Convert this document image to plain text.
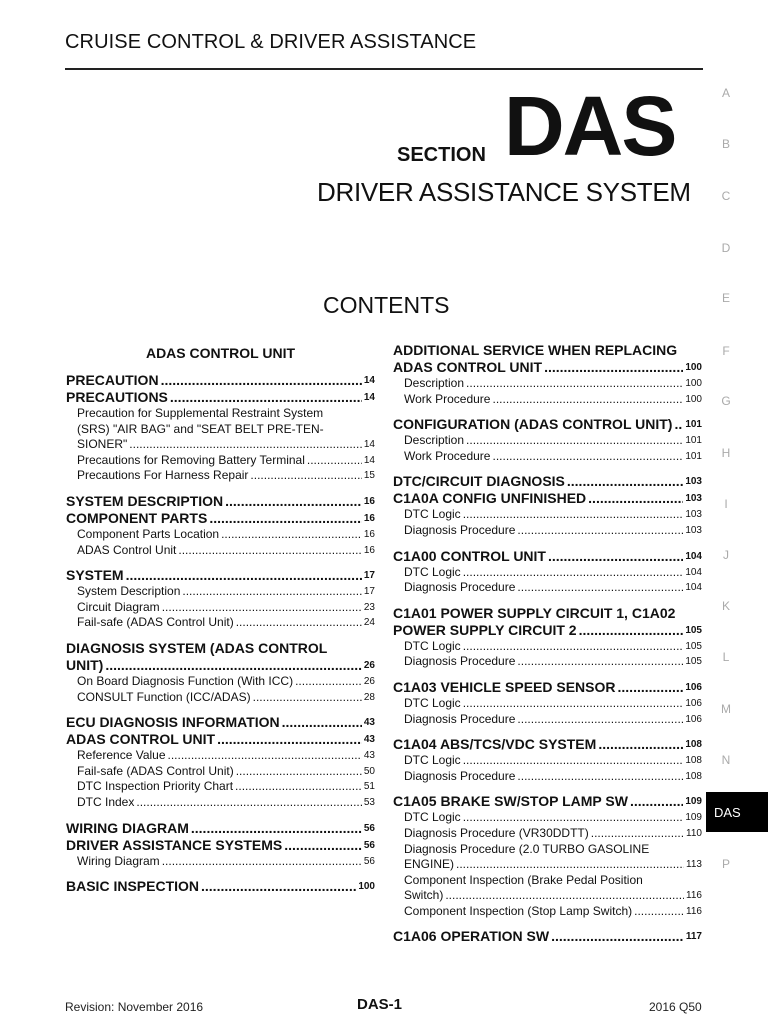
CRUISE CONTROL & DRIVER ASSISTANCE
SECTION DAS
DRIVER ASSISTANCE SYSTEM
CONTENTS
ADAS CONTROL UNIT
PRECAUTION .....	14
PRECAUTIONS .....	14
Precaution for Supplemental Restraint System
(SRS) "AIR BAG" and "SEAT BELT PRE-TEN-
SIONER" .....	14
Precautions for Removing Battery Terminal .....	14
Precautions For Harness Repair .....	15
SYSTEM DESCRIPTION .....	16
COMPONENT PARTS .....	16
Component Parts Location .....	16
ADAS Control Unit .....	16
SYSTEM .....	17
System Description .....	17
Circuit Diagram .....	23
Fail-safe (ADAS Control Unit) .....	24
DIAGNOSIS SYSTEM (ADAS CONTROL
UNIT) .....	26
On Board Diagnosis Function (With ICC) .....	26
CONSULT Function (ICC/ADAS) .....	28
ECU DIAGNOSIS INFORMATION .....	43
ADAS CONTROL UNIT .....	43
Reference Value .....	43
Fail-safe (ADAS Control Unit) .....	50
DTC Inspection Priority Chart .....	51
DTC Index .....	53
WIRING DIAGRAM .....	56
DRIVER ASSISTANCE SYSTEMS .....	56
Wiring Diagram .....	56
BASIC INSPECTION .....	100
ADDITIONAL SERVICE WHEN REPLACING
ADAS CONTROL UNIT .....	100
Description .....	100
Work Procedure .....	100
CONFIGURATION (ADAS CONTROL UNIT) ..... 101
Description .....	101
Work Procedure .....	101
DTC/CIRCUIT DIAGNOSIS .....	103
C1A0A CONFIG UNFINISHED .....	103
DTC Logic .....	103
Diagnosis Procedure .....	103
C1A00 CONTROL UNIT .....	104
DTC Logic .....	104
Diagnosis Procedure .....	104
C1A01 POWER SUPPLY CIRCUIT 1, C1A02
POWER SUPPLY CIRCUIT 2 .....	105
DTC Logic .....	105
Diagnosis Procedure .....	105
C1A03 VEHICLE SPEED SENSOR .....	106
DTC Logic .....	106
Diagnosis Procedure .....	106
C1A04 ABS/TCS/VDC SYSTEM .....	108
DTC Logic .....	108
Diagnosis Procedure .....	108
C1A05 BRAKE SW/STOP LAMP SW .....	109
DTC Logic .....	109
Diagnosis Procedure (VR30DDTT) .....	110
Diagnosis Procedure (2.0 TURBO GASOLINE
ENGINE) .....	113
Component Inspection (Brake Pedal Position
Switch) .....	116
Component Inspection (Stop Lamp Switch) .....	116
C1A06 OPERATION SW .....	117
A
B
C
D
E
F
G
H
I
J
K
L
M
N
P
Revision: November 2016	DAS-1	2016 Q50
DAS
